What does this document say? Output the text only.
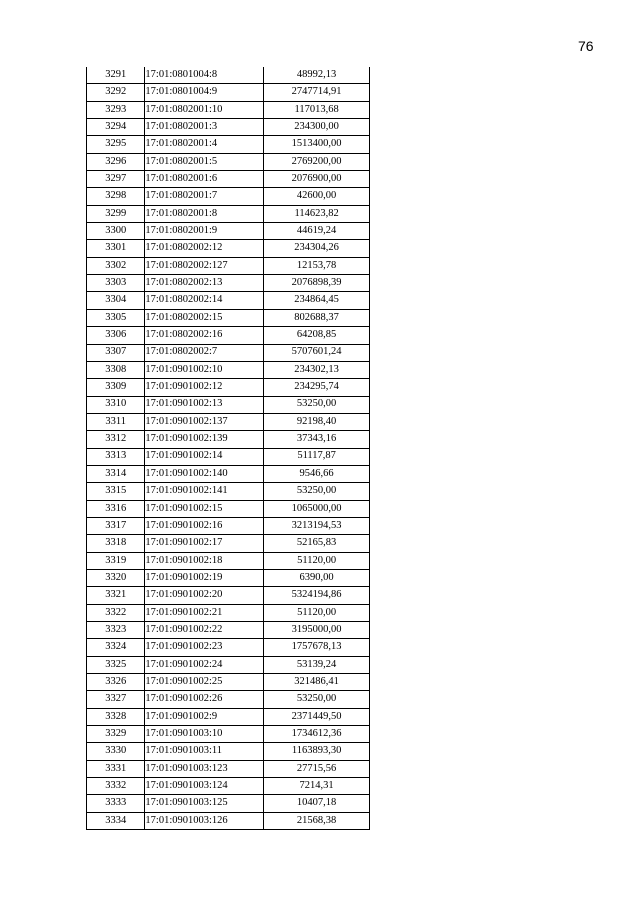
76
3291	17:01:0801004:8	48992,13
3292	17:01:0801004:9	2747714,91
3293	17:01:0802001:10	117013,68
3294	17:01:0802001:3	234300,00
3295	17:01:0802001:4	1513400,00
3296	17:01:0802001:5	2769200,00
3297	17:01:0802001:6	2076900,00
3298	17:01:0802001:7	42600,00
3299	17:01:0802001:8	114623,82
3300	17:01:0802001:9	44619,24
3301	17:01:0802002:12	234304,26
3302	17:01:0802002:127	12153,78
3303	17:01:0802002:13	2076898,39
3304	17:01:0802002:14	234864,45
3305	17:01:0802002:15	802688,37
3306	17:01:0802002:16	64208,85
3307	17:01:0802002:7	5707601,24
3308	17:01:0901002:10	234302,13
3309	17:01:0901002:12	234295,74
3310	17:01:0901002:13	53250,00
3311	17:01:0901002:137	92198,40
3312	17:01:0901002:139	37343,16
3313	17:01:0901002:14	51117,87
3314	17:01:0901002:140	9546,66
3315	17:01:0901002:141	53250,00
3316	17:01:0901002:15	1065000,00
3317	17:01:0901002:16	3213194,53
3318	17:01:0901002:17	52165,83
3319	17:01:0901002:18	51120,00
3320	17:01:0901002:19	6390,00
3321	17:01:0901002:20	5324194,86
3322	17:01:0901002:21	51120,00
3323	17:01:0901002:22	3195000,00
3324	17:01:0901002:23	1757678,13
3325	17:01:0901002:24	53139,24
3326	17:01:0901002:25	321486,41
3327	17:01:0901002:26	53250,00
3328	17:01:0901002:9	2371449,50
3329	17:01:0901003:10	1734612,36
3330	17:01:0901003:11	1163893,30
3331	17:01:0901003:123	27715,56
3332	17:01:0901003:124	7214,31
3333	17:01:0901003:125	10407,18
3334	17:01:0901003:126	21568,38
